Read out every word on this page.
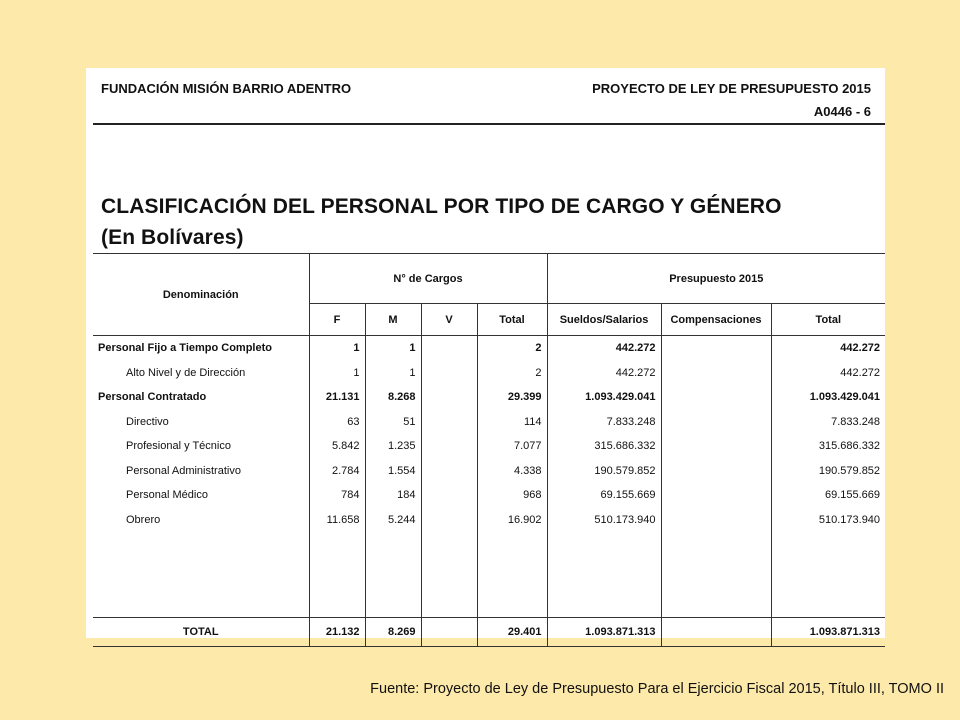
FUNDACIÓN MISIÓN BARRIO ADENTRO	PROYECTO DE LEY DE PRESUPUESTO 2015
A0446 - 6
CLASIFICACIÓN DEL PERSONAL POR TIPO DE CARGO Y GÉNERO
(En Bolívares)
Denominación	N° de Cargos				Presupuesto 2015		
	F	M	V	Total	Sueldos/Salarios	Compensaciones	Total
Personal Fijo a Tiempo Completo	1	1		2	442.272		442.272
Alto Nivel y de Dirección	1	1		2	442.272		442.272
Personal Contratado	21.131	8.268		29.399	1.093.429.041		1.093.429.041
Directivo	63	51		114	7.833.248		7.833.248
Profesional y Técnico	5.842	1.235		7.077	315.686.332		315.686.332
Personal Administrativo	2.784	1.554		4.338	190.579.852		190.579.852
Personal Médico	784	184		968	69.155.669		69.155.669
Obrero	11.658	5.244		16.902	510.173.940		510.173.940

TOTAL	21.132	8.269		29.401	1.093.871.313		1.093.871.313
Fuente: Proyecto de Ley de Presupuesto Para el Ejercicio Fiscal 2015, Título III, TOMO II
